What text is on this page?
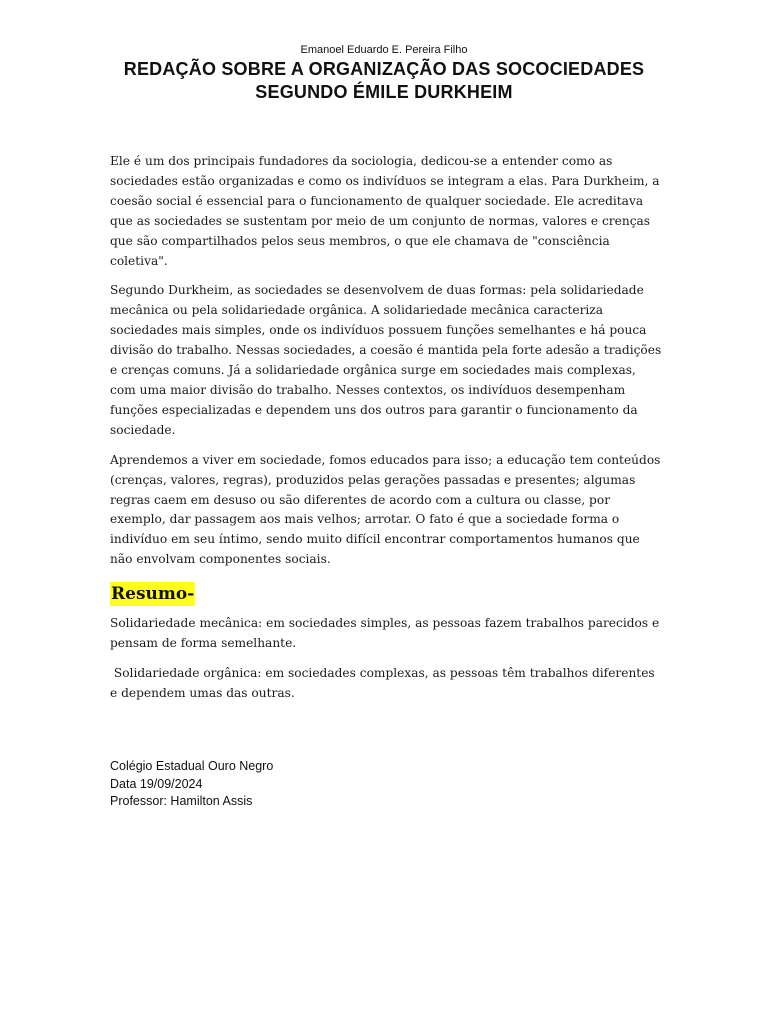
Emanoel Eduardo E. Pereira Filho
REDAÇÃO SOBRE A ORGANIZAÇÃO DAS SOCOCIEDADES
SEGUNDO ÉMILE DURKHEIM

Ele é um dos principais fundadores da sociologia, dedicou-se a entender como as sociedades estão organizadas e como os indivíduos se integram a elas. Para Durkheim, a coesão social é essencial para o funcionamento de qualquer sociedade. Ele acreditava que as sociedades se sustentam por meio de um conjunto de normas, valores e crenças que são compartilhados pelos seus membros, o que ele chamava de "consciência coletiva".

Segundo Durkheim, as sociedades se desenvolvem de duas formas: pela solidariedade mecânica ou pela solidariedade orgânica. A solidariedade mecânica caracteriza sociedades mais simples, onde os indivíduos possuem funções semelhantes e há pouca divisão do trabalho. Nessas sociedades, a coesão é mantida pela forte adesão a tradições e crenças comuns. Já a solidariedade orgânica surge em sociedades mais complexas, com uma maior divisão do trabalho. Nesses contextos, os indivíduos desempenham funções especializadas e dependem uns dos outros para garantir o funcionamento da sociedade.

Aprendemos a viver em sociedade, fomos educados para isso; a educação tem conteúdos (crenças, valores, regras), produzidos pelas gerações passadas e presentes; algumas regras caem em desuso ou são diferentes de acordo com a cultura ou classe, por exemplo, dar passagem aos mais velhos; arrotar. O fato é que a sociedade forma o indivíduo em seu íntimo, sendo muito difícil encontrar comportamentos humanos que não envolvam componentes sociais.

Resumo-

Solidariedade mecânica: em sociedades simples, as pessoas fazem trabalhos parecidos e pensam de forma semelhante.

Solidariedade orgânica: em sociedades complexas, as pessoas têm trabalhos diferentes e dependem umas das outras.

Colégio Estadual Ouro Negro
Data 19/09/2024
Professor: Hamilton Assis
